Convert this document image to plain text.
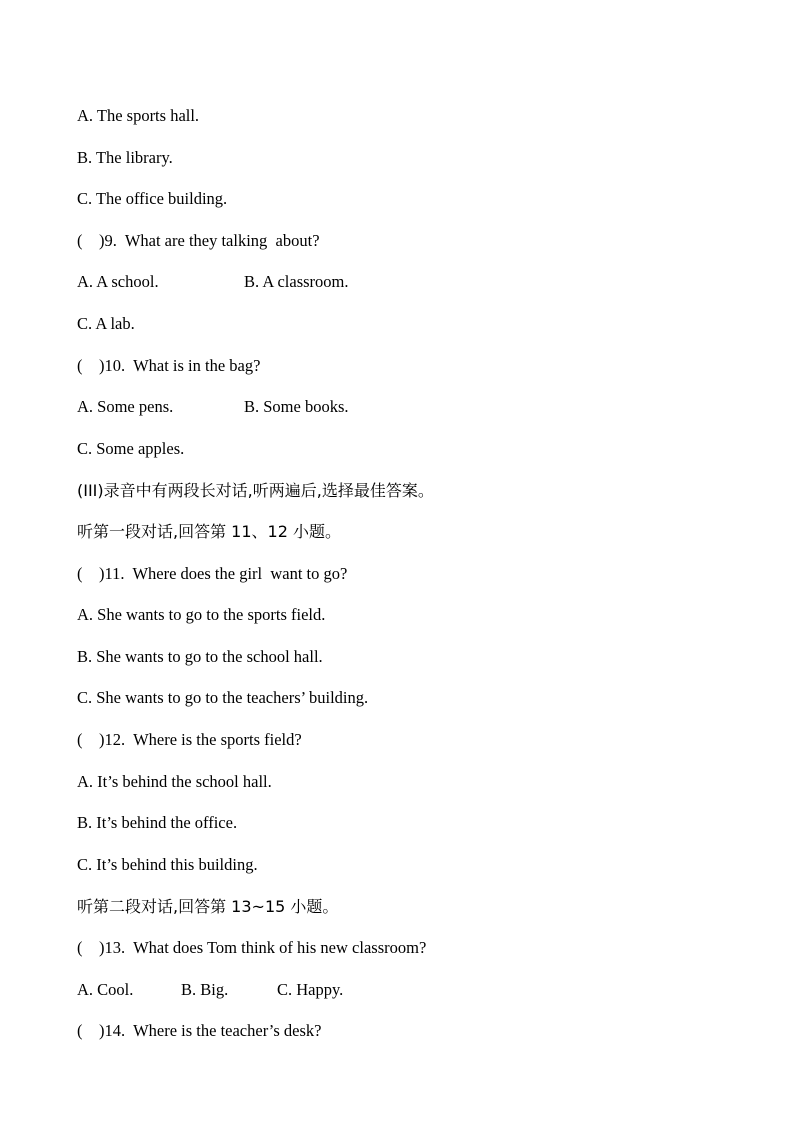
A. The sports hall.
B. The library.
C. The office building.
(    )9.  What are they talking  about?
A. A school.	B. A classroom.
C. A lab.
(    )10.  What is in the bag?
A. Some pens.	B. Some books.
C. Some apples.
(III)录音中有两段长对话,听两遍后,选择最佳答案。
听第一段对话,回答第 11、12 小题。
(    )11.  Where does the girl  want to go?
A. She wants to go to the sports field.
B. She wants to go to the school hall.
C. She wants to go to the teachers’ building.
(    )12.  Where is the sports field?
A. It’s behind the school hall.
B. It’s behind the office.
C. It’s behind this building.
听第二段对话,回答第 13~15 小题。
(    )13.  What does Tom think of his new classroom?
A. Cool.	B. Big.	C. Happy.
(    )14.  Where is the teacher’s desk?
